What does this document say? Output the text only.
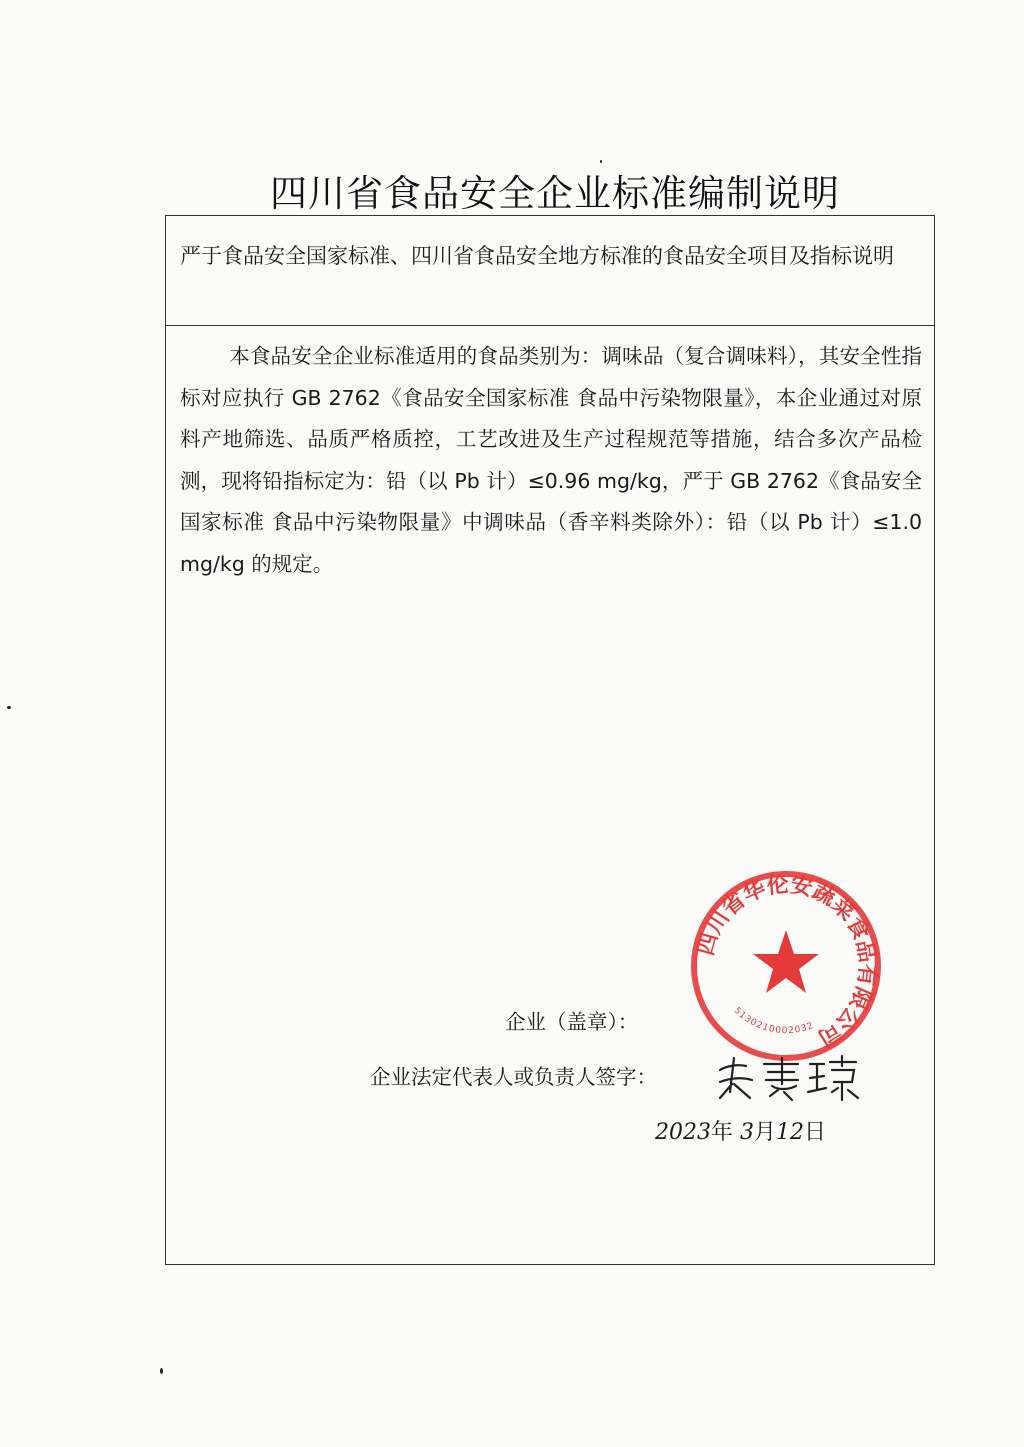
四川省食品安全企业标准编制说明
严于食品安全国家标准、四川省食品安全地方标准的食品安全项目及指标说明

本食品安全企业标准适用的食品类别为：调味品（复合调味料），其安全性指标对应执行 GB 2762《食品安全国家标准 食品中污染物限量》，本企业通过对原料产地筛选、品质严格质控，工艺改进及生产过程规范等措施，结合多次产品检测，现将铅指标定为：铅（以 Pb 计）≤0.96 mg/kg，严于 GB 2762《食品安全国家标准 食品中污染物限量》中调味品（香辛料类除外）：铅（以 Pb 计）≤1.0 mg/kg 的规定。

企业（盖章）：
企业法定代表人或负责人签字：
四川省华伦安蔬菜食品有限公司
5130210002032
2023年 3月12日
